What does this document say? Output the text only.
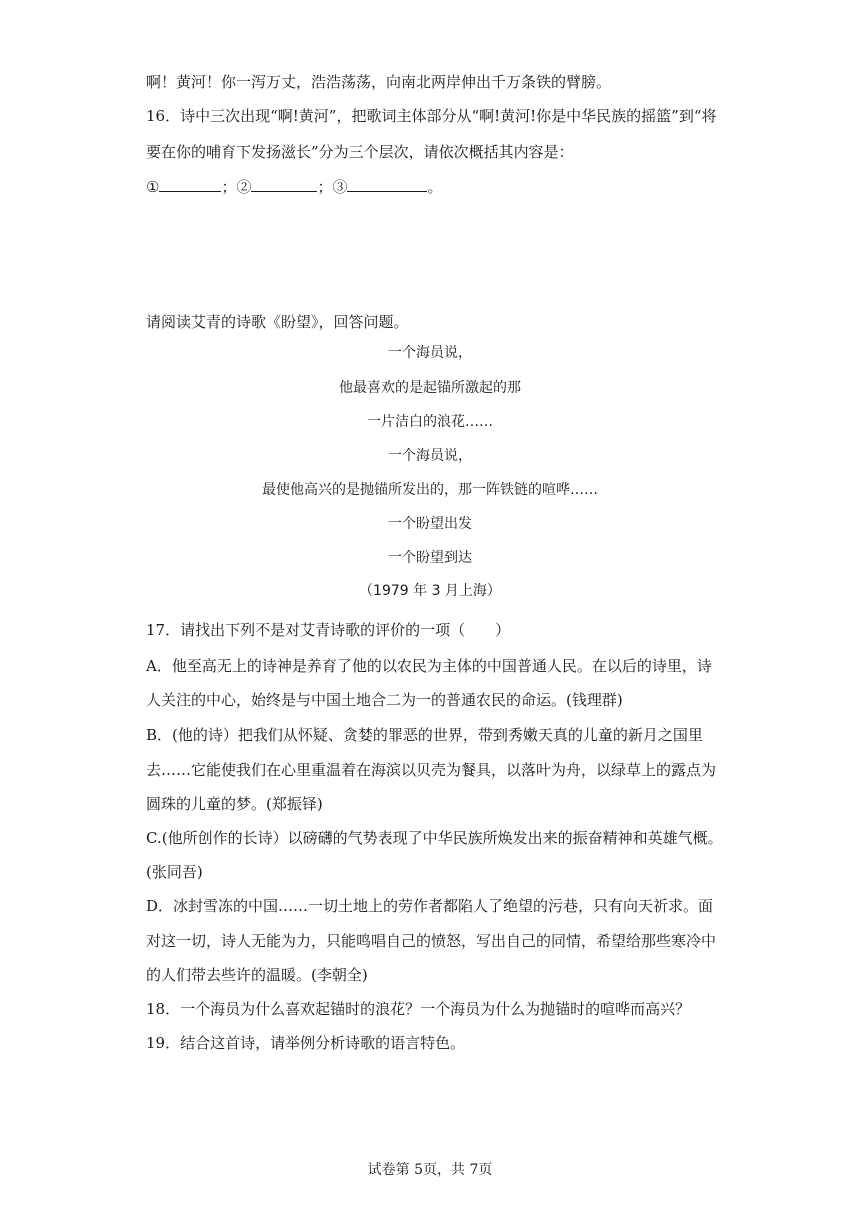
啊！黄河！你一泻万丈，浩浩荡荡，向南北两岸伸出千万条铁的臂膀。
16．诗中三次出现“啊!黄河”，把歌词主体部分从“啊!黄河!你是中华民族的摇篮”到“将
要在你的哺育下发扬滋长”分为三个层次，请依次概括其内容是：
①	；②	；③	。
请阅读艾青的诗歌《盼望》，回答问题。
一个海员说，
他最喜欢的是起锚所激起的那
一片洁白的浪花……
一个海员说，
最使他高兴的是抛锚所发出的，那一阵铁链的喧哗……
一个盼望出发
一个盼望到达
（1979 年 3 月上海）
17．请找出下列不是对艾青诗歌的评价的一项（　　）
A．他至高无上的诗神是养育了他的以农民为主体的中国普通人民。在以后的诗里，诗
人关注的中心，始终是与中国土地合二为一的普通农民的命运。(钱理群)
B．(他的诗）把我们从怀疑、贪婪的罪恶的世界，带到秀嫩天真的儿童的新月之国里
去……它能使我们在心里重温着在海滨以贝壳为餐具，以落叶为舟，以绿草上的露点为
圆珠的儿童的梦。(郑振铎)
C.(他所创作的长诗）以磅礴的气势表现了中华民族所焕发出来的振奋精神和英雄气概。
(张同吾)
D．冰封雪冻的中国……一切土地上的劳作者都陷人了绝望的污巷，只有向天祈求。面
对这一切，诗人无能为力，只能鸣唱自己的愤怒，写出自己的同情，希望给那些寒冷中
的人们带去些许的温暖。(李朝全)
18．一个海员为什么喜欢起锚时的浪花？一个海员为什么为抛锚时的喧哗而高兴？
19．结合这首诗，请举例分析诗歌的语言特色。
试卷第 5页，共 7页
